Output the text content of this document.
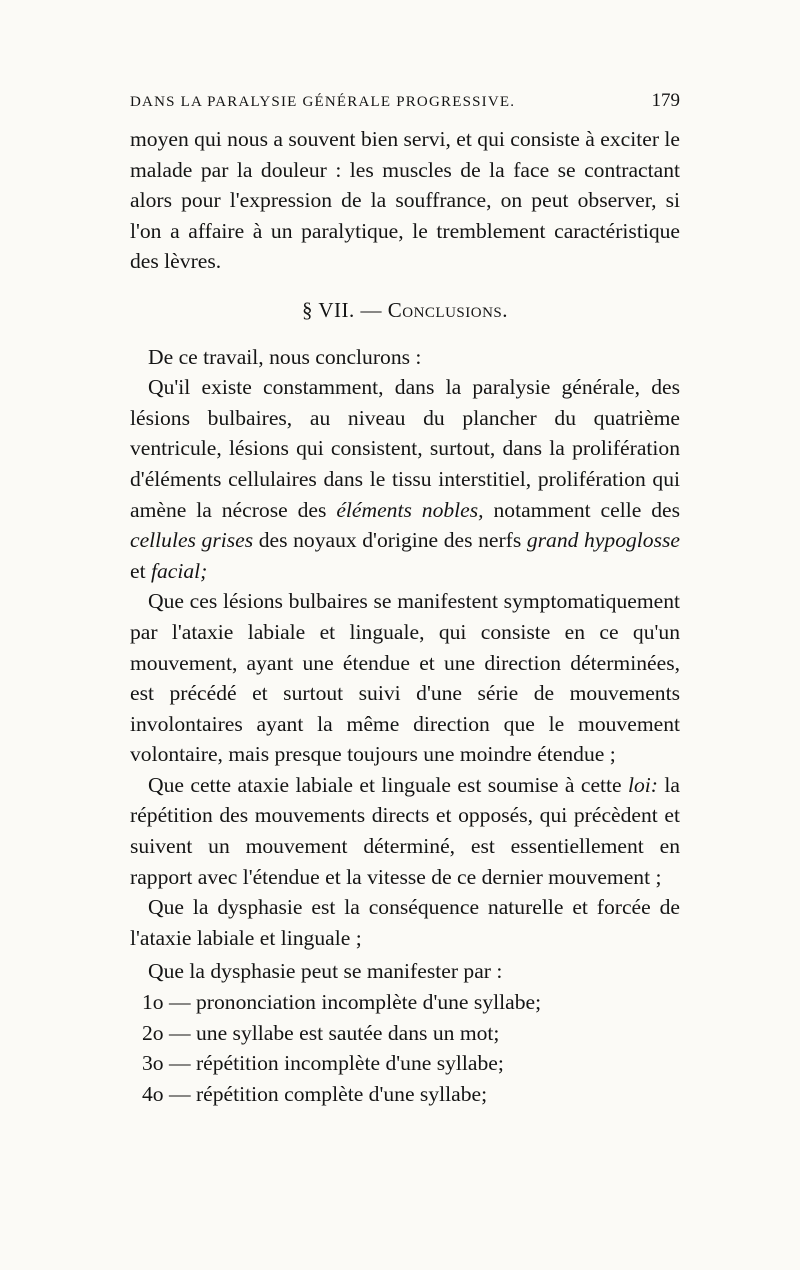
DANS LA PARALYSIE GÉNÉRALE PROGRESSIVE.	179

moyen qui nous a souvent bien servi, et qui consiste à exciter le malade par la douleur : les muscles de la face se contractant alors pour l'expression de la souffrance, on peut observer, si l'on a affaire à un paralytique, le tremblement caractéristique des lèvres.

§ VII. — Conclusions.

De ce travail, nous conclurons :

Qu'il existe constamment, dans la paralysie générale, des lésions bulbaires, au niveau du plancher du quatrième ventricule, lésions qui consistent, surtout, dans la prolifération d'éléments cellulaires dans le tissu interstitiel, prolifération qui amène la nécrose des éléments nobles, notamment celle des cellules grises des noyaux d'origine des nerfs grand hypoglosse et facial;

Que ces lésions bulbaires se manifestent symptomatiquement par l'ataxie labiale et linguale, qui consiste en ce qu'un mouvement, ayant une étendue et une direction déterminées, est précédé et surtout suivi d'une série de mouvements involontaires ayant la même direction que le mouvement volontaire, mais presque toujours une moindre étendue ;

Que cette ataxie labiale et linguale est soumise à cette loi: la répétition des mouvements directs et opposés, qui précèdent et suivent un mouvement déterminé, est essentiellement en rapport avec l'étendue et la vitesse de ce dernier mouvement ;

Que la dysphasie est la conséquence naturelle et forcée de l'ataxie labiale et linguale ;

Que la dysphasie peut se manifester par :

1o — prononciation incomplète d'une syllabe;
2o — une syllabe est sautée dans un mot;
3o — répétition incomplète d'une syllabe;
4o — répétition complète d'une syllabe;
